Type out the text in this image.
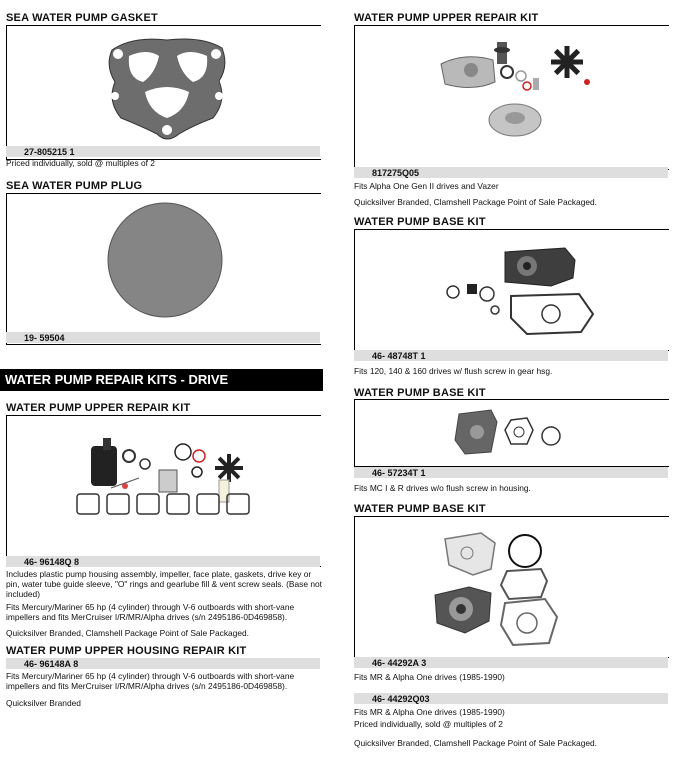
SEA WATER PUMP GASKET
27-805215 1
Priced individually, sold @ multiples of 2
SEA WATER PUMP PLUG
19- 59504
WATER PUMP REPAIR KITS - DRIVE
WATER PUMP UPPER REPAIR KIT
46- 96148Q 8
Includes plastic pump housing assembly, impeller, face plate, gaskets, drive key or pin, water tube guide sleeve, "O" rings and gearlube fill & vent screw seals. (Base not included)
Fits Mercury/Mariner 65 hp (4 cylinder) through V-6 outboards with short-vane impellers and fits MerCruiser I/R/MR/Alpha drives (s/n 2495186-0D469858).
Quicksilver Branded, Clamshell Package Point of Sale Packaged.
WATER PUMP UPPER HOUSING REPAIR KIT
46- 96148A 8
Fits Mercury/Mariner 65 hp (4 cylinder) through V-6 outboards with short-vane impellers and fits MerCruiser I/R/MR/Alpha drives (s/n 2495186-0D469858).
Quicksilver Branded
WATER PUMP UPPER REPAIR KIT
817275Q05
Fits Alpha One Gen II drives and Vazer
Quicksilver Branded, Clamshell Package Point of Sale Packaged.
WATER PUMP BASE KIT
46- 48748T 1
Fits 120, 140 & 160 drives w/ flush screw in gear hsg.
WATER PUMP BASE KIT
46- 57234T 1
Fits MC I & R drives w/o flush screw in housing.
WATER PUMP BASE KIT
46- 44292A 3
Fits MR & Alpha One drives (1985-1990)
46- 44292Q03
Fits MR & Alpha One drives (1985-1990)
Priced individually, sold @ multiples of 2
Quicksilver Branded, Clamshell Package Point of Sale Packaged.
